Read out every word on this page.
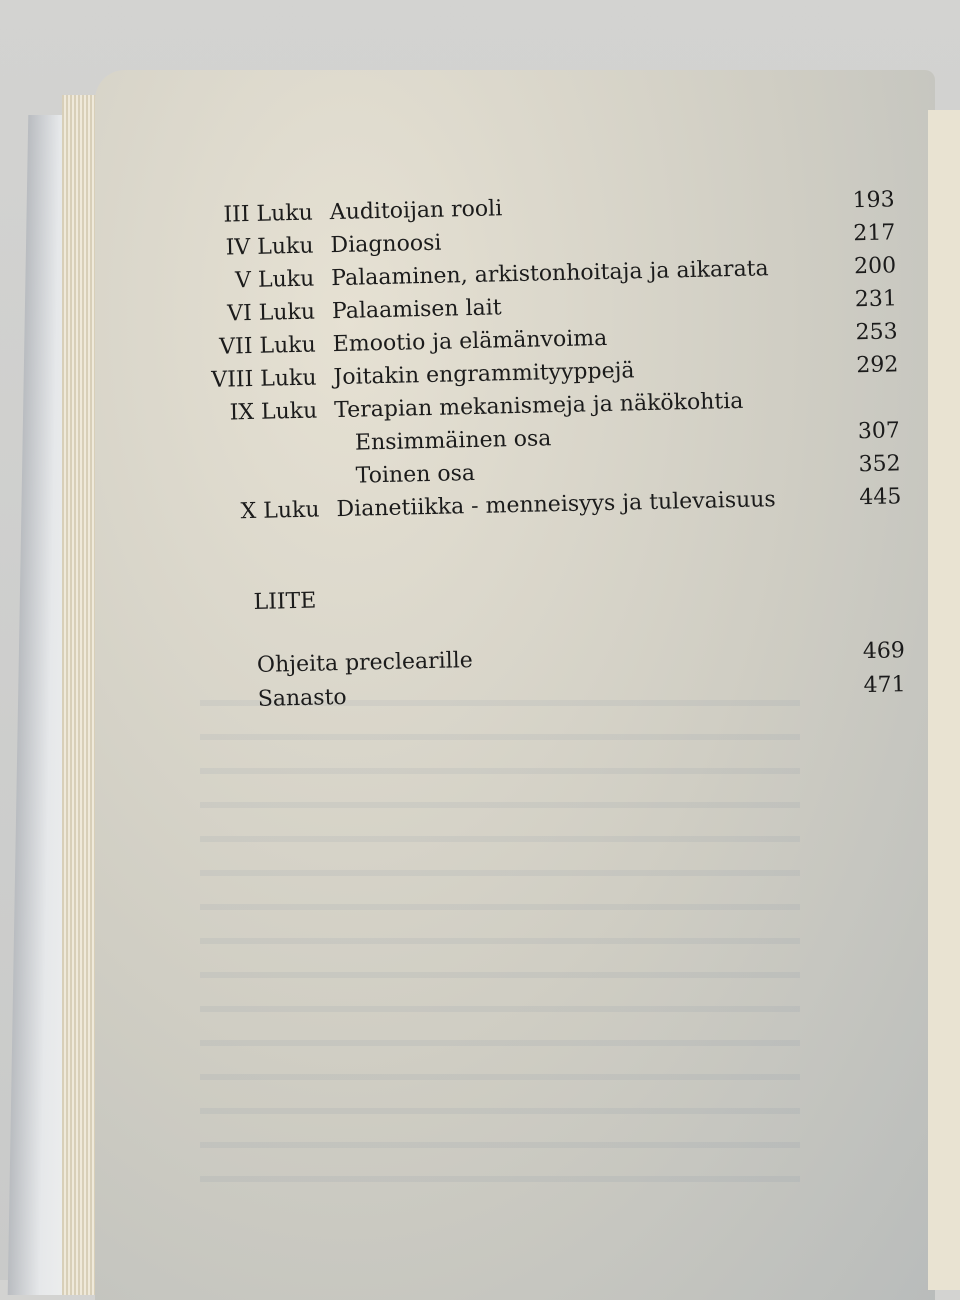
III Luku Auditoijan rooli	193
IV Luku Diagnoosi	217
V Luku Palaaminen, arkistonhoitaja ja aikarata	200
VI Luku Palaamisen lait	231
VII Luku Emootio ja elämänvoima	253
VIII Luku Joitakin engrammityyppejä	292
IX Luku Terapian mekanismeja ja näkökohtia
Ensimmäinen osa	307
Toinen osa	352
X Luku Dianetiikka - menneisyys ja tulevaisuus	445
LIITE
Ohjeita preclearille	469
Sanasto	471
